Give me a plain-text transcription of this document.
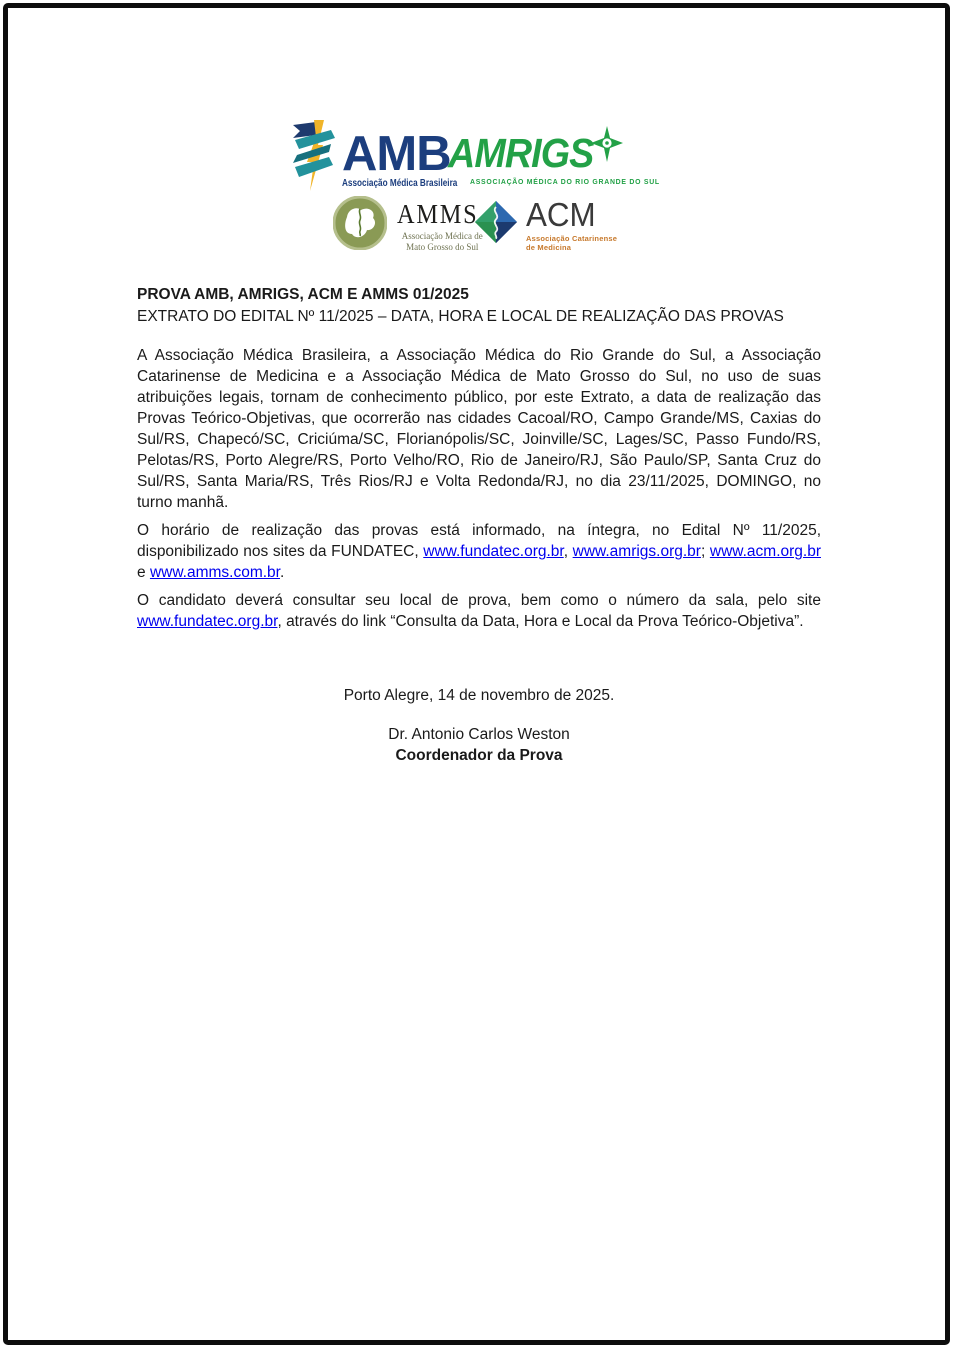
AMB
Associação Médica Brasileira
AMRIGS
ASSOCIAÇÃO MÉDICA DO RIO GRANDE DO SUL
AMMS
Associação Médica de
Mato Grosso do Sul
ACM
Associação Catarinense
de Medicina
PROVA AMB, AMRIGS, ACM E AMMS 01/2025
EXTRATO DO EDITAL Nº 11/2025 – DATA, HORA E LOCAL DE REALIZAÇÃO DAS PROVAS

A Associação Médica Brasileira, a Associação Médica do Rio Grande do Sul, a Associação Catarinense de Medicina e a Associação Médica de Mato Grosso do Sul, no uso de suas atribuições legais, tornam de conhecimento público, por este Extrato, a data de realização das Provas Teórico-Objetivas, que ocorrerão nas cidades Cacoal/RO, Campo Grande/MS, Caxias do Sul/RS, Chapecó/SC, Criciúma/SC, Florianópolis/SC, Joinville/SC, Lages/SC, Passo Fundo/RS, Pelotas/RS, Porto Alegre/RS, Porto Velho/RO, Rio de Janeiro/RJ, São Paulo/SP, Santa Cruz do Sul/RS, Santa Maria/RS, Três Rios/RJ e Volta Redonda/RJ, no dia 23/11/2025, DOMINGO, no turno manhã.

O horário de realização das provas está informado, na íntegra, no Edital Nº 11/2025, disponibilizado nos sites da FUNDATEC, www.fundatec.org.br, www.amrigs.org.br; www.acm.org.br e www.amms.com.br.

O candidato deverá consultar seu local de prova, bem como o número da sala, pelo site www.fundatec.org.br, através do link “Consulta da Data, Hora e Local da Prova Teórico-Objetiva”.

Porto Alegre, 14 de novembro de 2025.

Dr. Antonio Carlos Weston

Coordenador da Prova
